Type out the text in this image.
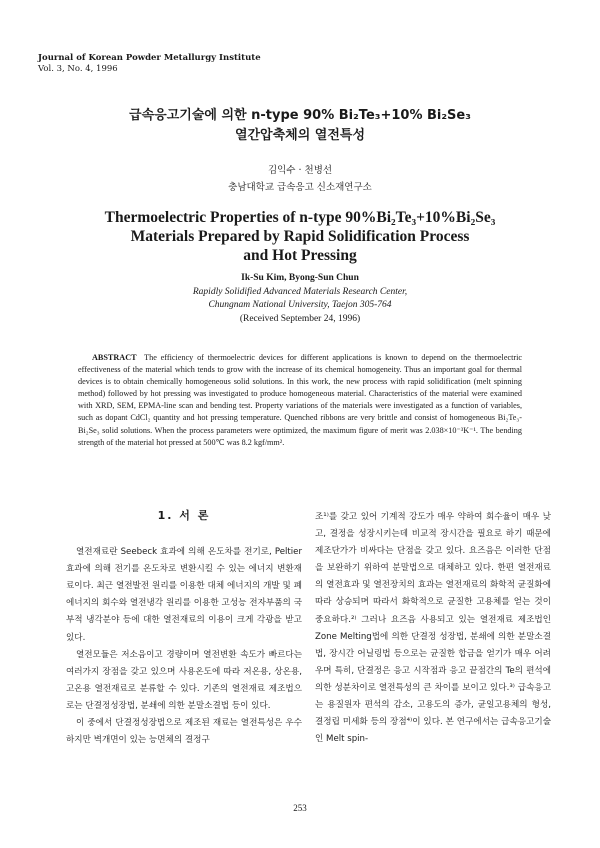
Journal of Korean Powder Metallurgy Institute
Vol. 3, No. 4, 1996
급속응고기술에 의한 n-type 90% Bi₂Te₃+10% Bi₂Se₃
열간압축체의 열전특성
김익수 · 천병선
충남대학교 급속응고 신소재연구소
Thermoelectric Properties of n-type 90%Bi₂Te₃+10%Bi₂Se₃
Materials Prepared by Rapid Solidification Process
and Hot Pressing
Ik-Su Kim, Byong-Sun Chun
Rapidly Solidified Advanced Materials Research Center,
Chungnam National University, Taejon 305-764
(Received September 24, 1996)

ABSTRACT The efficiency of thermoelectric devices for different applications is known to depend on the thermoelectric effectiveness of the material which tends to grow with the increase of its chemical homogeneity. Thus an important goal for thermal devices is to obtain chemically homogeneous solid solutions. In this work, the new process with rapid solidification (melt spinning method) followed by hot pressing was investigated to produce homogeneous material. Characteristics of the material were examined with XRD, SEM, EPMA-line scan and bending test. Property variations of the materials were investigated as a function of variables, such as dopant CdCl₂ quantity and hot pressing temperature. Quenched ribbons are very brittle and consist of homogeneous Bi₂Te₃-Bi₂Se₃ solid solutions. When the process parameters were optimized, the maximum figure of merit was 2.038×10⁻³K⁻¹. The bending strength of the material hot pressed at 500℃ was 8.2 kgf/mm².

1. 서 론

열전재료란 Seebeck 효과에 의해 온도차를 전기로, Peltier 효과에 의해 전기를 온도차로 변환시킬 수 있는 에너지 변환재료이다. 최근 열전발전 원리를 이용한 대체 에너지의 개발 및 폐에너지의 회수와 열전냉각 원리를 이용한 고성능 전자부품의 국부적 냉각분야 등에 대한 열전재료의 이용이 크게 각광을 받고 있다.

열전모듈은 저소음이고 경량이며 열전변환 속도가 빠르다는 여러가지 장점을 갖고 있으며 사용온도에 따라 저온용, 상온용, 고온용 열전재료로 분류할 수 있다. 기존의 열전재료 제조법으로는 단결정성장법, 분쇄에 의한 분말소결법 등이 있다.

이 중에서 단결정성장법으로 제조된 재료는 열전특성은 우수하지만 벽개면이 있는 능면체의 결정구

조¹⁾를 갖고 있어 기계적 강도가 매우 약하여 회수율이 매우 낮고, 결정을 성장시키는데 비교적 장시간을 필요로 하기 때문에 제조단가가 비싸다는 단점을 갖고 있다. 요즈음은 이러한 단점을 보완하기 위하여 분말법으로 대체하고 있다. 한편 열전재료의 열전효과 및 열전장치의 효과는 열전재료의 화학적 균질화에 따라 상승되며 따라서 화학적으로 균질한 고용체를 얻는 것이 중요하다.²⁾ 그러나 요즈음 사용되고 있는 열전재료 제조법인 Zone Melting법에 의한 단결정 성장법, 분쇄에 의한 분말소결법, 장시간 어닐링법 등으로는 균질한 합금을 얻기가 매우 어려우며 특히, 단결정은 응고 시작점과 응고 끝점간의 Te의 편석에 의한 성분차이로 열전특성의 큰 차이를 보이고 있다.³⁾ 급속응고는 용질원자 편석의 감소, 고용도의 증가, 균일고용체의 형성, 결정립 미세화 등의 장점⁴⁾이 있다. 본 연구에서는 급속응고기술인 Melt spin-

253
